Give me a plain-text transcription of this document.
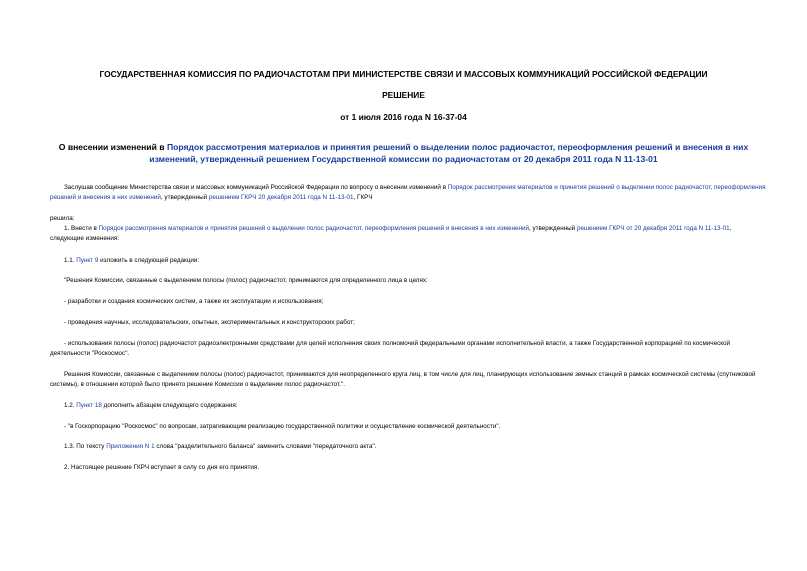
ГОСУДАРСТВЕННАЯ КОМИССИЯ ПО РАДИОЧАСТОТАМ ПРИ МИНИСТЕРСТВЕ СВЯЗИ И МАССОВЫХ КОММУНИКАЦИЙ РОССИЙСКОЙ ФЕДЕРАЦИИ
РЕШЕНИЕ
от 1 июля 2016 года N 16-37-04
О внесении изменений в Порядок рассмотрения материалов и принятия решений о выделении полос радиочастот, переоформления решений и внесения в них изменений, утвержденный решением Государственной комиссии по радиочастотам от 20 декабря 2011 года N 11-13-01
Заслушав сообщение Министерства связи и массовых коммуникаций Российской Федерации по вопросу о внесении изменений в Порядок рассмотрения материалов и принятия решений о выделении полос радиочастот, переоформления решений и внесения в них изменений, утвержденный решением ГКРЧ 20 декабря 2011 года N 11-13-01, ГКРЧ
решила:
1. Внести в Порядок рассмотрения материалов и принятия решений о выделении полос радиочастот, переоформления решений и внесения в них изменений, утвержденный решением ГКРЧ от 20 декабря 2011 года N 11-13-01, следующие изменения:
1.1. Пункт 9 изложить в следующей редакции:
"Решения Комиссии, связанные с выделением полосы (полос) радиочастот, принимаются для определенного лица в целях:
- разработки и создания космических систем, а также их эксплуатации и использования;
- проведения научных, исследовательских, опытных, экспериментальных и конструкторских работ;
- использования полосы (полос) радиочастот радиоэлектронными средствами для целей исполнения своих полномочий федеральными органами исполнительной власти, а также Государственной корпорацией по космической деятельности "Роскосмос".
Решения Комиссии, связанные с выделением полосы (полос) радиочастот, принимаются для неопределенного круга лиц, в том числе для лиц, планирующих использование земных станций в рамках космической системы (спутниковой системы), в отношении которой было принято решение Комиссии о выделении полос радиочастот.".
1.2. Пункт 18 дополнить абзацем следующего содержания:
- "в Госкорпорацию "Роскосмос" по вопросам, затрагивающим реализацию государственной политики и осуществление космической деятельности".
1.3. По тексту Приложения N 1 слова "разделительного баланса" заменить словами "передаточного акта".
2. Настоящее решение ГКРЧ вступает в силу со дня его принятия.
